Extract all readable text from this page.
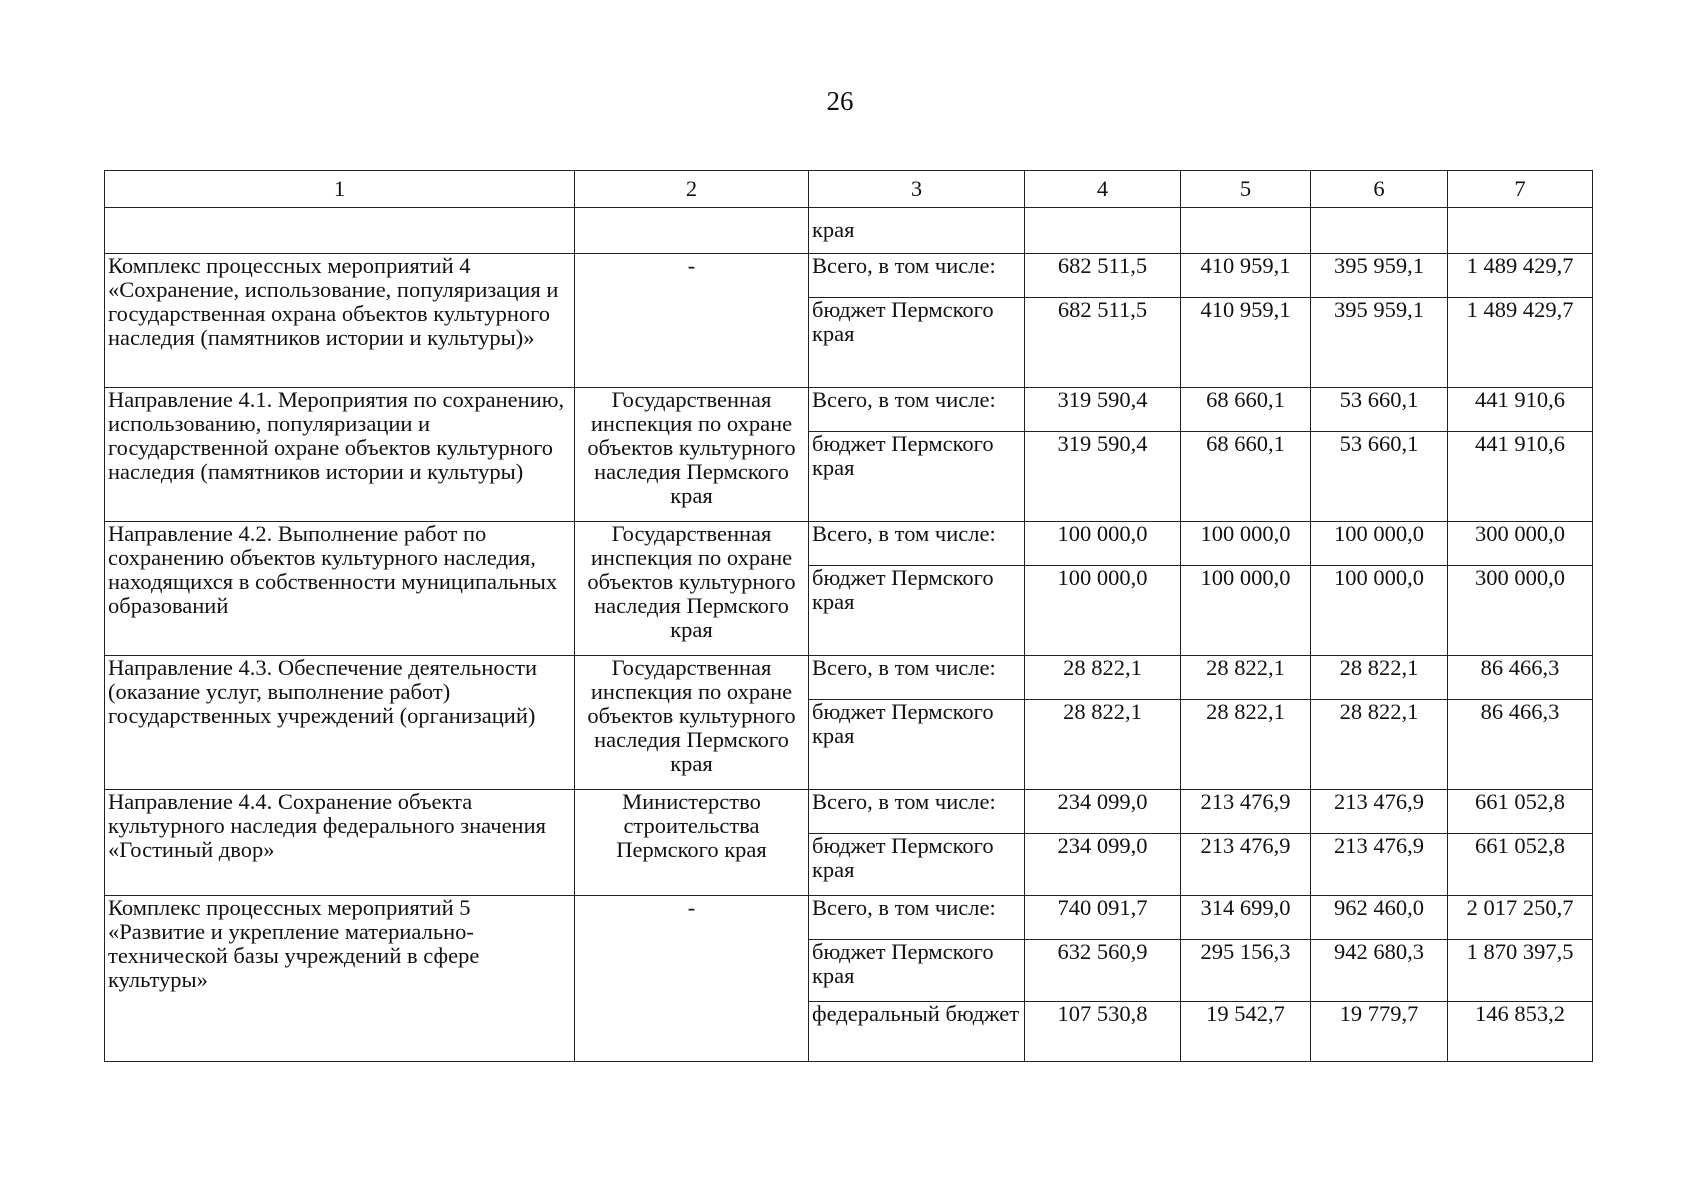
26
1	2	3	4	5	6	7
		края				
Комплекс процессных мероприятий 4 «Сохранение, использование, популяризация и государственная охрана объектов культурного наследия (памятников истории и культуры)»	-	Всего, в том числе:	682 511,5	410 959,1	395 959,1	1 489 429,7
		бюджет Пермского края	682 511,5	410 959,1	395 959,1	1 489 429,7
Направление 4.1. Мероприятия по сохранению, использованию, популяризации и государственной охране объектов культурного наследия (памятников истории и культуры)	Государственная инспекция по охране объектов культурного наследия Пермского края	Всего, в том числе:	319 590,4	68 660,1	53 660,1	441 910,6
		бюджет Пермского края	319 590,4	68 660,1	53 660,1	441 910,6
Направление 4.2. Выполнение работ по сохранению объектов культурного наследия, находящихся в собственности муниципальных образований	Государственная инспекция по охране объектов культурного наследия Пермского края	Всего, в том числе:	100 000,0	100 000,0	100 000,0	300 000,0
		бюджет Пермского края	100 000,0	100 000,0	100 000,0	300 000,0
Направление 4.3. Обеспечение деятельности (оказание услуг, выполнение работ) государственных учреждений (организаций)	Государственная инспекция по охране объектов культурного наследия Пермского края	Всего, в том числе:	28 822,1	28 822,1	28 822,1	86 466,3
		бюджет Пермского края	28 822,1	28 822,1	28 822,1	86 466,3
Направление 4.4. Сохранение объекта культурного наследия федерального значения «Гостиный двор»	Министерство строительства Пермского края	Всего, в том числе:	234 099,0	213 476,9	213 476,9	661 052,8
		бюджет Пермского края	234 099,0	213 476,9	213 476,9	661 052,8
Комплекс процессных мероприятий 5 «Развитие и укрепление материально-технической базы учреждений в сфере культуры»	-	Всего, в том числе:	740 091,7	314 699,0	962 460,0	2 017 250,7
		бюджет Пермского края	632 560,9	295 156,3	942 680,3	1 870 397,5
		федеральный бюджет	107 530,8	19 542,7	19 779,7	146 853,2
